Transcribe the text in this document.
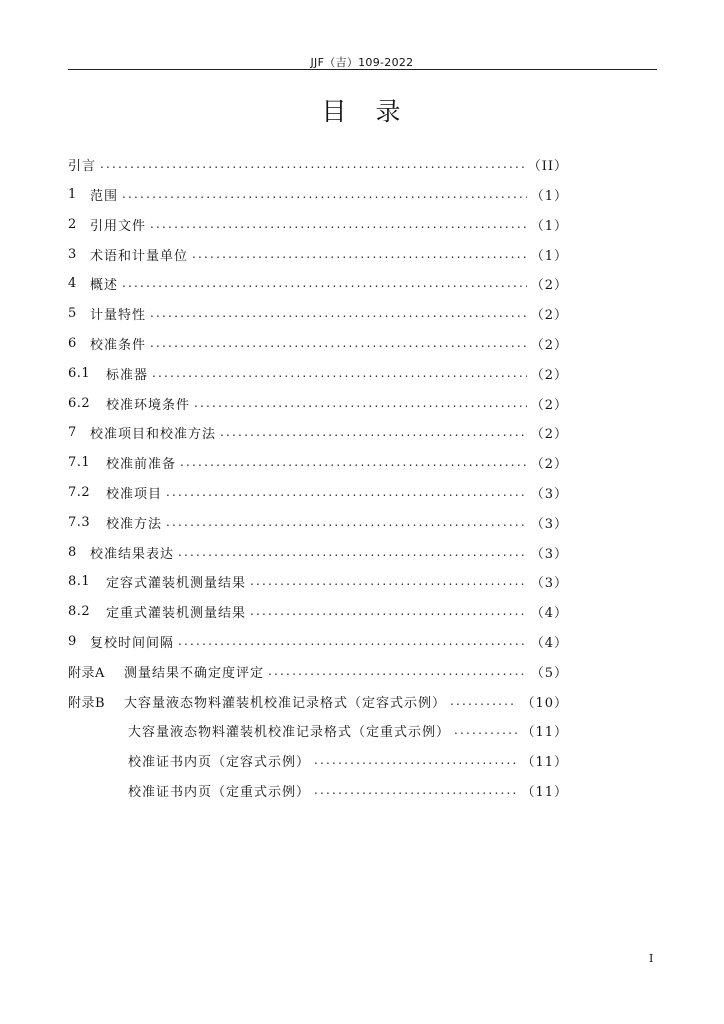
JJF（吉）109-2022
目　录
引言 .....	（II）
1	范围 .....	（1）
2	引用文件 .....	（1）
3	术语和计量单位 .....	（1）
4	概述 .....	（2）
5	计量特性 .....	（2）
6	校准条件 .....	（2）
6.1	标准器 .....	（2）
6.2	校准环境条件 .....	（2）
7	校准项目和校准方法 .....	（2）
7.1	校准前准备 .....	（2）
7.2	校准项目 .....	（3）
7.3	校准方法 .....	（3）
8	校准结果表达 .....	（3）
8.1	定容式灌装机测量结果 .....	（3）
8.2	定重式灌装机测量结果 .....	（4）
9	复校时间间隔 .....	（4）
附录A	测量结果不确定度评定 .....	（5）
附录B	大容量液态物料灌装机校准记录格式（定容式示例） .....	（10）
大容量液态物料灌装机校准记录格式（定重式示例） .....	（11）
校准证书内页（定容式示例） .....	（11）
校准证书内页（定重式示例） .....	（11）
I
